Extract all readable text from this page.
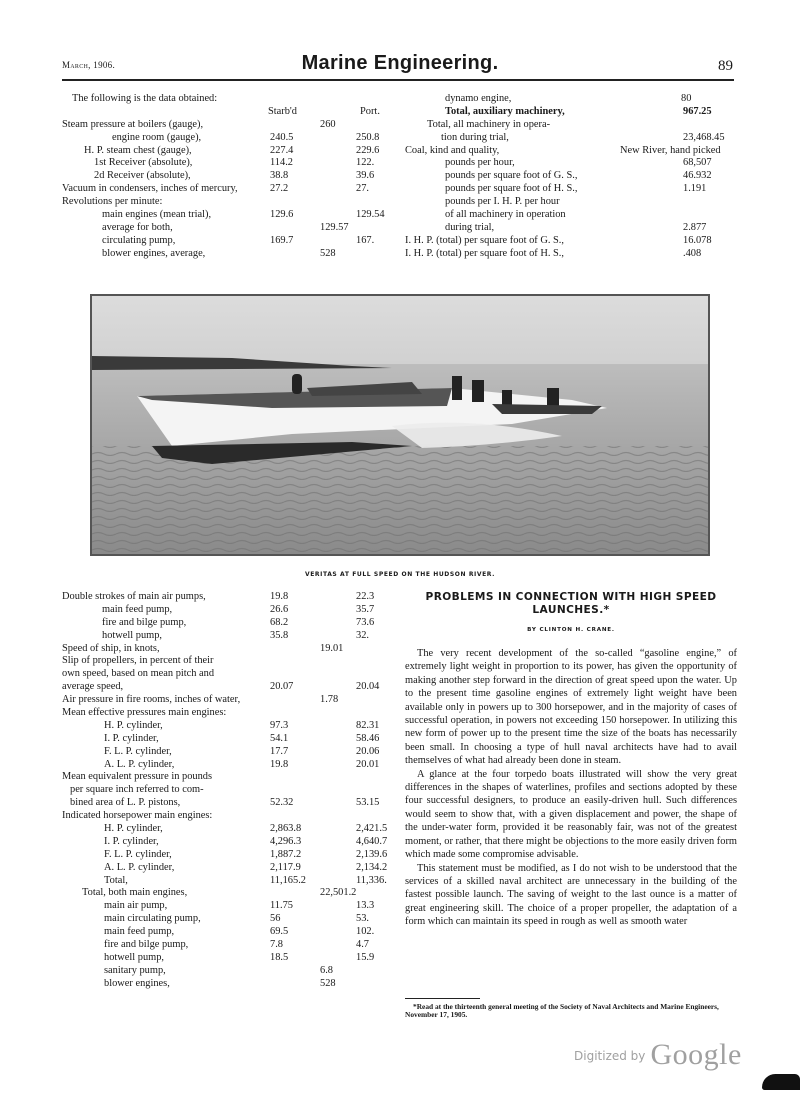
March, 1906.	Marine Engineering.	89
The following is the data obtained:
Starb'd	Port.
Steam pressure at boilers (gauge),	260
engine room (gauge),	240.5	250.8
H. P. steam chest (gauge),	227.4	229.6
1st Receiver (absolute),	114.2	122.
2d Receiver (absolute),	38.8	39.6
Vacuum in condensers, inches of mercury,	27.2	27.
Revolutions per minute:
main engines (mean trial),	129.6	129.54
average for both,	129.57
circulating pump,	169.7	167.
blower engines, average,	528
dynamo engine,	80
Total, auxiliary machinery,	967.25
Total, all machinery in opera-
tion during trial,	23,468.45
Coal, kind and quality,	New River, hand picked
pounds per hour,	68,507
pounds per square foot of G. S.,	46.932
pounds per square foot of H. S.,	1.191
pounds per I. H. P. per hour
of all machinery in operation
during trial,	2.877
I. H. P. (total) per square foot of G. S.,	16.078
I. H. P. (total) per square foot of H. S.,	.408
VERITAS AT FULL SPEED ON THE HUDSON RIVER.
Double strokes of main air pumps,	19.8	22.3
main feed pump,	26.6	35.7
fire and bilge pump,	68.2	73.6
hotwell pump,	35.8	32.
Speed of ship, in knots,	19.01
Slip of propellers, in percent of their
own speed, based on mean pitch and
average speed,	20.07	20.04
Air pressure in fire rooms, inches of water,	1.78
Mean effective pressures main engines:
H. P. cylinder,	97.3	82.31
I. P. cylinder,	54.1	58.46
F. L. P. cylinder,	17.7	20.06
A. L. P. cylinder,	19.8	20.01
Mean equivalent pressure in pounds
per square inch referred to com-
bined area of L. P. pistons,	52.32	53.15
Indicated horsepower main engines:
H. P. cylinder,	2,863.8	2,421.5
I. P. cylinder,	4,296.3	4,640.7
F. L. P. cylinder,	1,887.2	2,139.6
A. L. P. cylinder,	2,117.9	2,134.2
Total,	11,165.2	11,336.
Total, both main engines,	22,501.2
main air pump,	11.75	13.3
main circulating pump,	56	53.
main feed pump,	69.5	102.
fire and bilge pump,	7.8	4.7
hotwell pump,	18.5	15.9
sanitary pump,	6.8
blower engines,	528
PROBLEMS IN CONNECTION WITH HIGH SPEED LAUNCHES.*
BY CLINTON H. CRANE.

The very recent development of the so-called “gasoline engine,” of extremely light weight in proportion to its power, has given the opportunity of making another step forward in the direction of great speed upon the water. Up to the present time gasoline engines of extremely light weight have been available only in powers up to 300 horsepower, and in the majority of cases of successful operation, in powers not exceeding 150 horsepower. In utilizing this new form of power up to the present time the size of the boats has necessarily been small. In choosing a type of hull naval architects have had to avail themselves of what had already been done in steam.

A glance at the four torpedo boats illustrated will show the very great differences in the shapes of waterlines, profiles and sections adopted by these four successful designers, to produce an easily-driven hull. Such differences would seem to show that, with a given displacement and power, the shape of the under-water form, provided it be reasonably fair, was not of the greatest moment, or rather, that there might be objections to the more easily driven form which made some compromise advisable.

This statement must be modified, as I do not wish to be understood that the services of a skilled naval architect are unnecessary in the building of the fastest possible launch. The saving of weight to the last ounce is a matter of great engineering skill. The choice of a proper propeller, the adaptation of a form which can maintain its speed in rough as well as smooth water

*Read at the thirteenth general meeting of the Society of Naval Architects and Marine Engineers, November 17, 1905.
$^{Digitized by}$ Google
